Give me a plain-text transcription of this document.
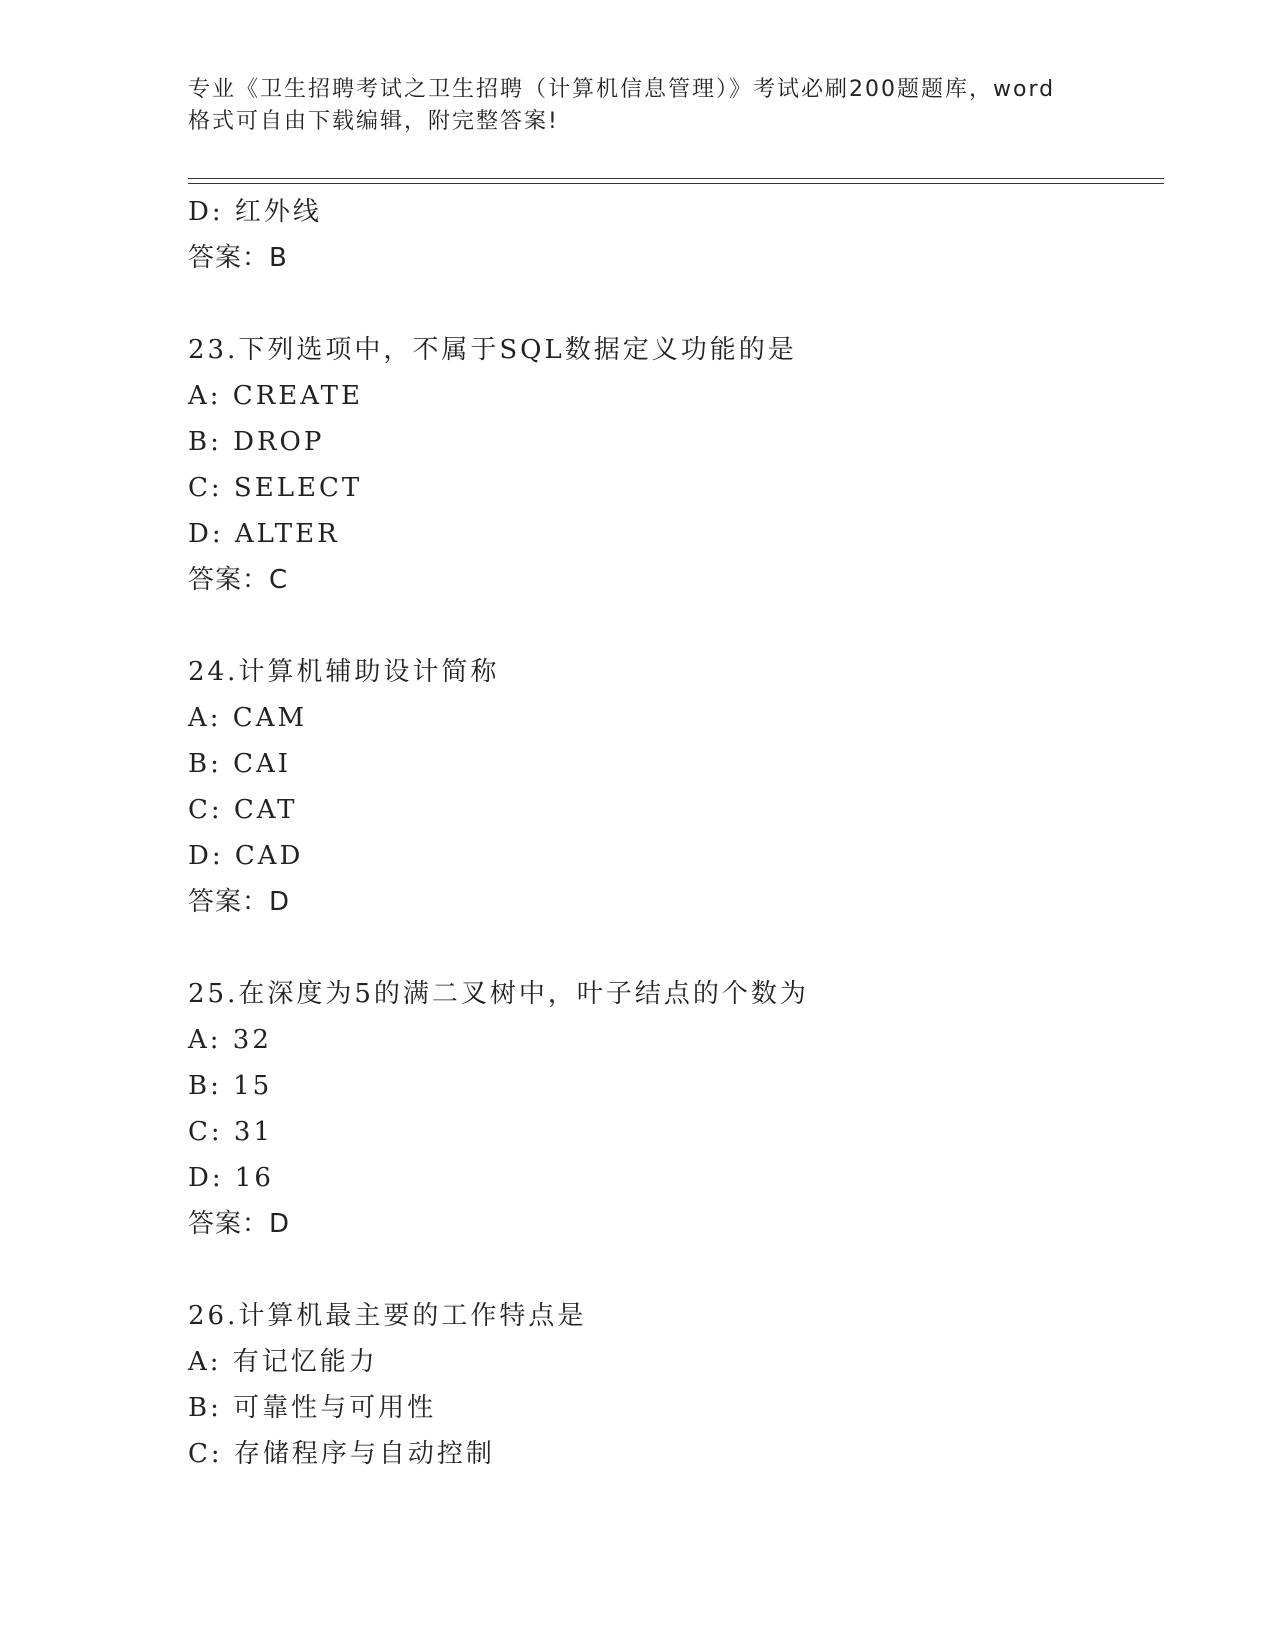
专业《卫生招聘考试之卫生招聘（计算机信息管理）》考试必刷200题题库，word
格式可自由下载编辑，附完整答案!
D: 红外线
答案：B
23.下列选项中，不属于SQL数据定义功能的是
A: CREATE
B: DROP
C: SELECT
D: ALTER
答案：C
24.计算机辅助设计简称
A: CAM
B: CAI
C: CAT
D: CAD
答案：D
25.在深度为5的满二叉树中，叶子结点的个数为
A: 32
B: 15
C: 31
D: 16
答案：D
26.计算机最主要的工作特点是
A: 有记忆能力
B: 可靠性与可用性
C: 存储程序与自动控制
